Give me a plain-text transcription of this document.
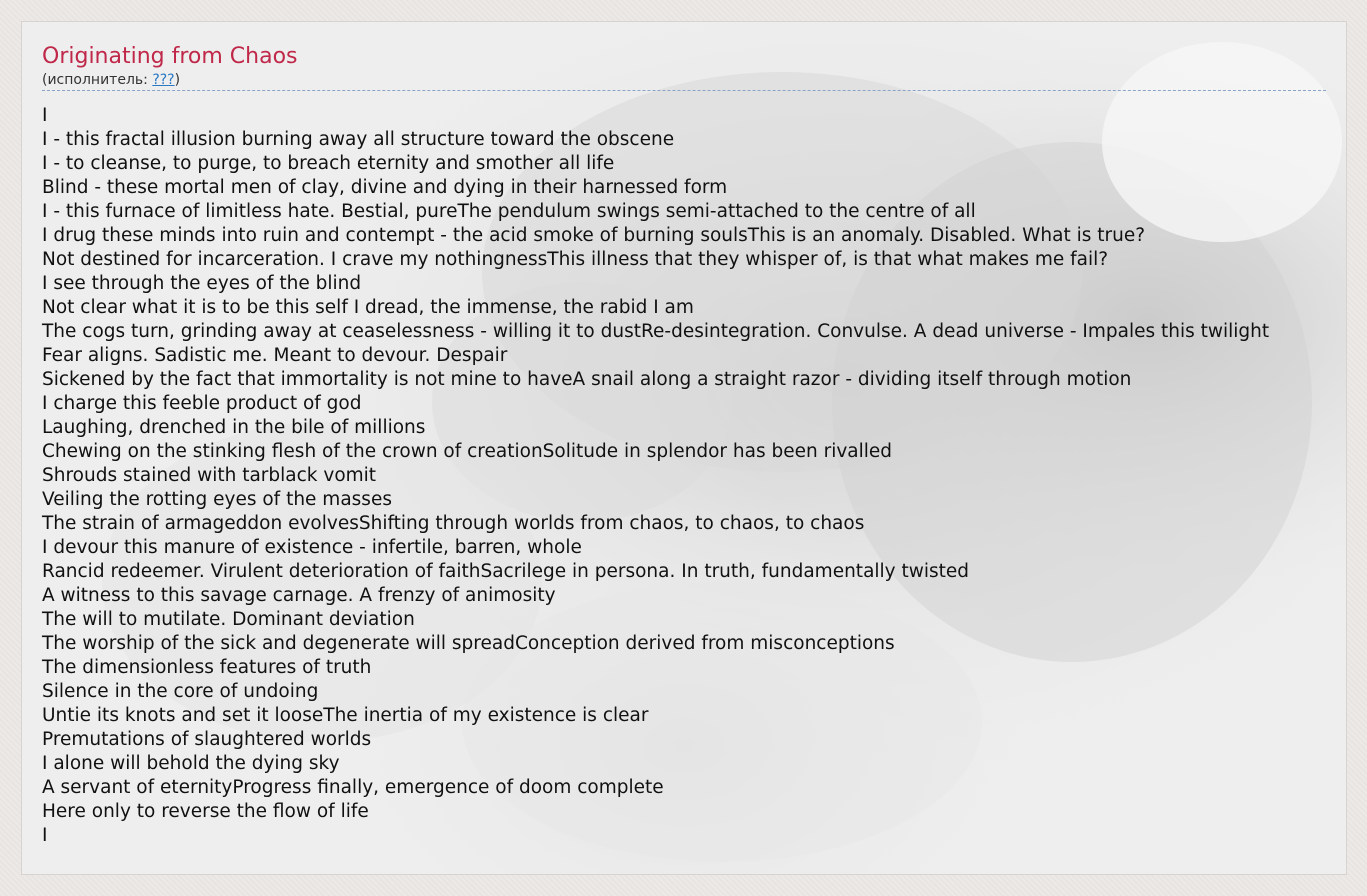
Originating from Chaos

(исполнитель: ???)

I
I - this fractal illusion burning away all structure toward the obscene
I - to cleanse, to purge, to breach eternity and smother all life
Blind - these mortal men of clay, divine and dying in their harnessed form
I - this furnace of limitless hate. Bestial, pureThe pendulum swings semi-attached to the centre of all
I drug these minds into ruin and contempt - the acid smoke of burning soulsThis is an anomaly. Disabled. What is true?
Not destined for incarceration. I crave my nothingnessThis illness that they whisper of, is that what makes me fail?
I see through the eyes of the blind
Not clear what it is to be this self I dread, the immense, the rabid I am
The cogs turn, grinding away at ceaselessness - willing it to dustRe-desintegration. Convulse. A dead universe - Impales this twilight
Fear aligns. Sadistic me. Meant to devour. Despair
Sickened by the fact that immortality is not mine to haveA snail along a straight razor - dividing itself through motion
I charge this feeble product of god
Laughing, drenched in the bile of millions
Chewing on the stinking flesh of the crown of creationSolitude in splendor has been rivalled
Shrouds stained with tarblack vomit
Veiling the rotting eyes of the masses
The strain of armageddon evolvesShifting through worlds from chaos, to chaos, to chaos
I devour this manure of existence - infertile, barren, whole
Rancid redeemer. Virulent deterioration of faithSacrilege in persona. In truth, fundamentally twisted
A witness to this savage carnage. A frenzy of animosity
The will to mutilate. Dominant deviation
The worship of the sick and degenerate will spreadConception derived from misconceptions
The dimensionless features of truth
Silence in the core of undoing
Untie its knots and set it looseThe inertia of my existence is clear
Premutations of slaughtered worlds
I alone will behold the dying sky
A servant of eternityProgress finally, emergence of doom complete
Here only to reverse the flow of life
I
